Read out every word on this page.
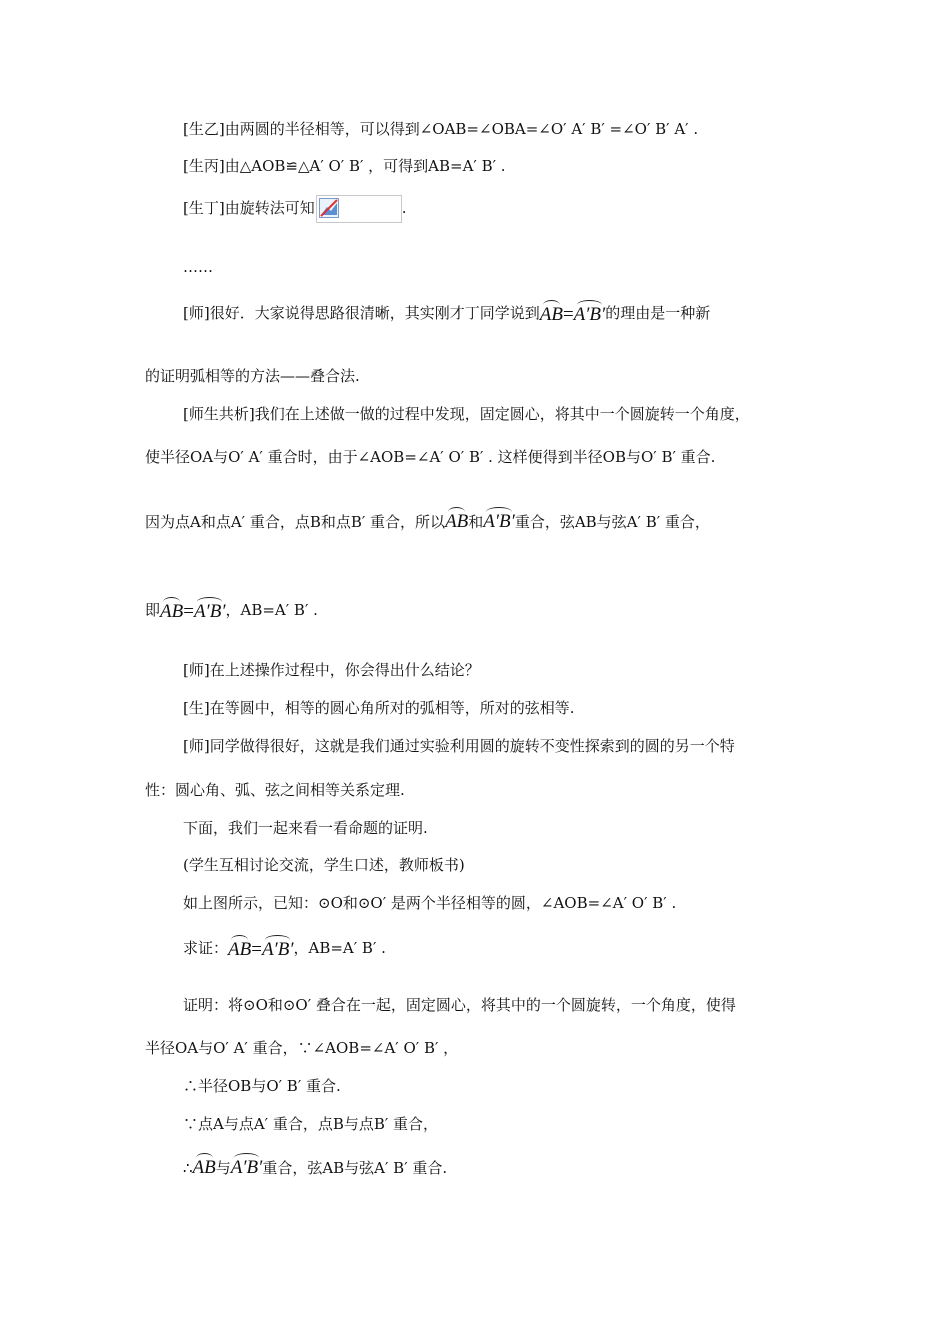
[生乙]由两圆的半径相等，可以得到∠OAB=∠OBA=∠O′ A′ B′ =∠O′ B′ A′ .
[生丙]由△AOB≌△A′ O′ B′ ，可得到AB=A′ B′ .
[生丁]由旋转法可知	.
……
[师]很好．大家说得思路很清晰，其实刚才丁同学说到AB=A′B′的理由是一种新
的证明弧相等的方法——叠合法.
[师生共析]我们在上述做一做的过程中发现，固定圆心，将其中一个圆旋转一个角度，
使半径OA与O′ A′ 重合时，由于∠AOB=∠A′ O′ B′ . 这样便得到半径OB与O′ B′ 重合.
因为点A和点A′ 重合，点B和点B′ 重合，所以AB和A′B′重合，弦AB与弦A′ B′ 重合，
即AB=A′B′，AB=A′ B′ .
[师]在上述操作过程中，你会得出什么结论？
[生]在等圆中，相等的圆心角所对的弧相等，所对的弦相等.
[师]同学做得很好，这就是我们通过实验利用圆的旋转不变性探索到的圆的另一个特
性：圆心角、弧、弦之间相等关系定理.
下面，我们一起来看一看命题的证明.
(学生互相讨论交流，学生口述，教师板书)
如上图所示，已知：⊙O和⊙O′ 是两个半径相等的圆，∠AOB=∠A′ O′ B′ .
求证：AB=A′B′，AB=A′ B′ .
证明：将⊙O和⊙O′ 叠合在一起，固定圆心，将其中的一个圆旋转，一个角度，使得
半径OA与O′ A′ 重合，∵∠AOB=∠A′ O′ B′ ，
∴半径OB与O′ B′ 重合.
∵点A与点A′ 重合，点B与点B′ 重合，
∴AB与A′B′重合，弦AB与弦A′ B′ 重合.
